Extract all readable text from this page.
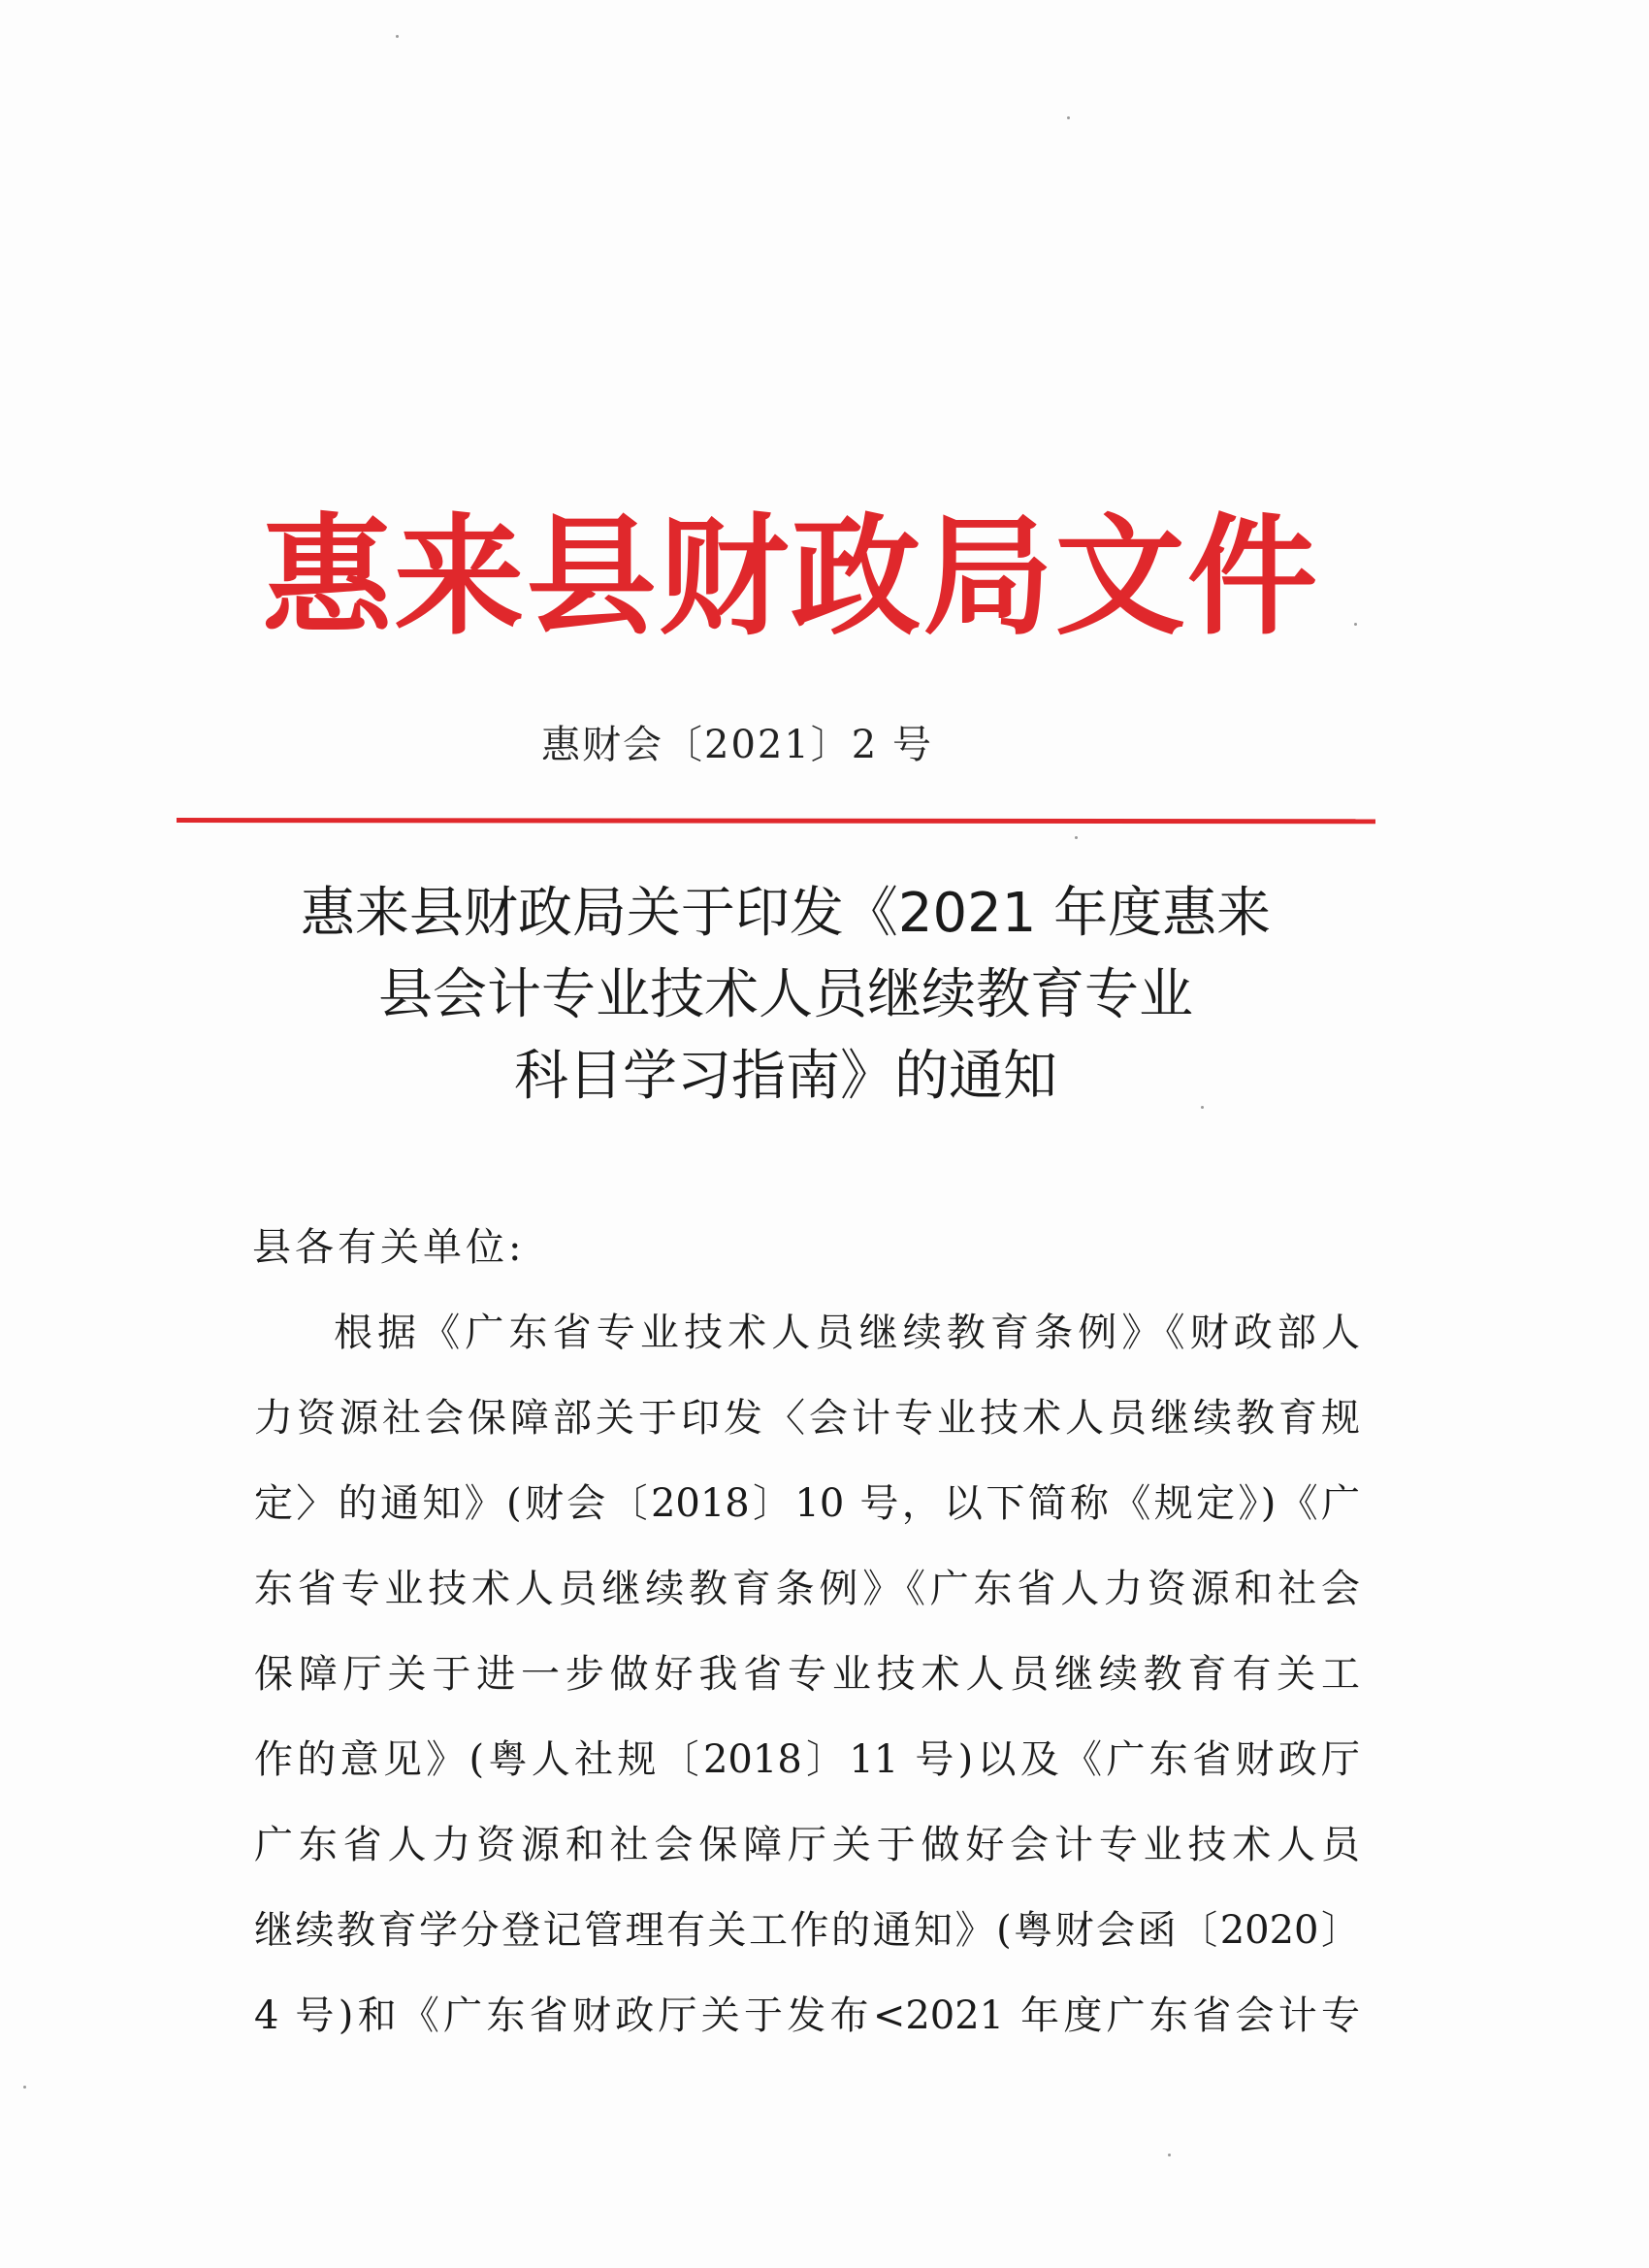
惠来县财政局文件
惠财会〔2021〕2 号
惠来县财政局关于印发《2021 年度惠来
县会计专业技术人员继续教育专业
科目学习指南》的通知
县各有关单位:
根据《广东省专业技术人员继续教育条例》《财政部人
力资源社会保障部关于印发〈会计专业技术人员继续教育规
定〉的通知》(财会〔2018〕10 号，以下简称《规定》)《广
东省专业技术人员继续教育条例》《广东省人力资源和社会
保障厅关于进一步做好我省专业技术人员继续教育有关工
作的意见》(粤人社规〔2018〕11 号)以及《广东省财政厅
广东省人力资源和社会保障厅关于做好会计专业技术人员
继续教育学分登记管理有关工作的通知》(粤财会函〔2020〕
4 号)和《广东省财政厅关于发布<2021 年度广东省会计专
